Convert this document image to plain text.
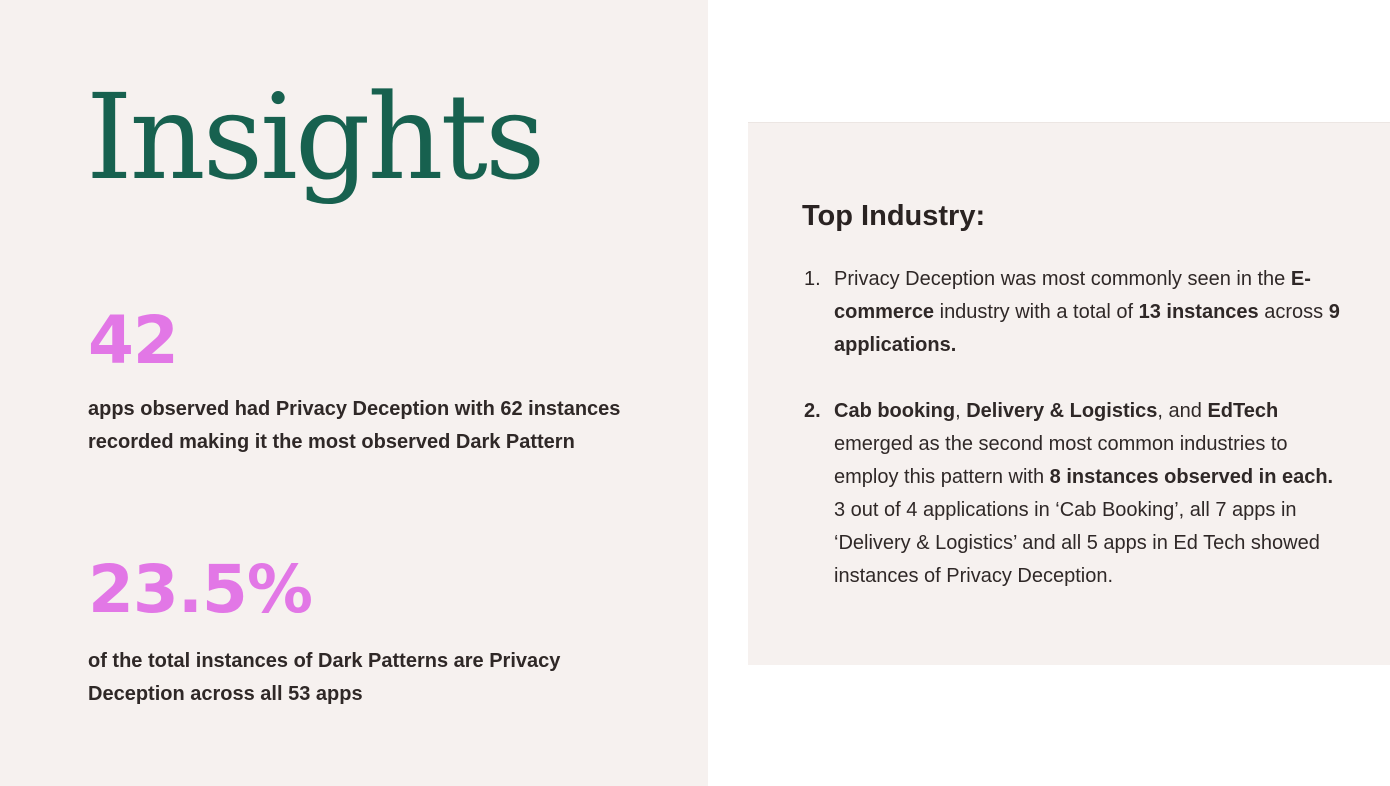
Insights
42

apps observed had Privacy Deception with 62 instances recorded making it the most observed Dark Pattern

23.5%

of the total instances of Dark Patterns are Privacy Deception across all 53 apps

Top Industry:
1. Privacy Deception was most commonly seen in the E-commerce industry with a total of 13 instances across 9 applications.
2. Cab booking, Delivery & Logistics, and EdTech emerged as the second most common industries to employ this pattern with 8 instances observed in each. 3 out of 4 applications in ‘Cab Booking’, all 7 apps in ‘Delivery & Logistics’ and all 5 apps in Ed Tech showed instances of Privacy Deception.
